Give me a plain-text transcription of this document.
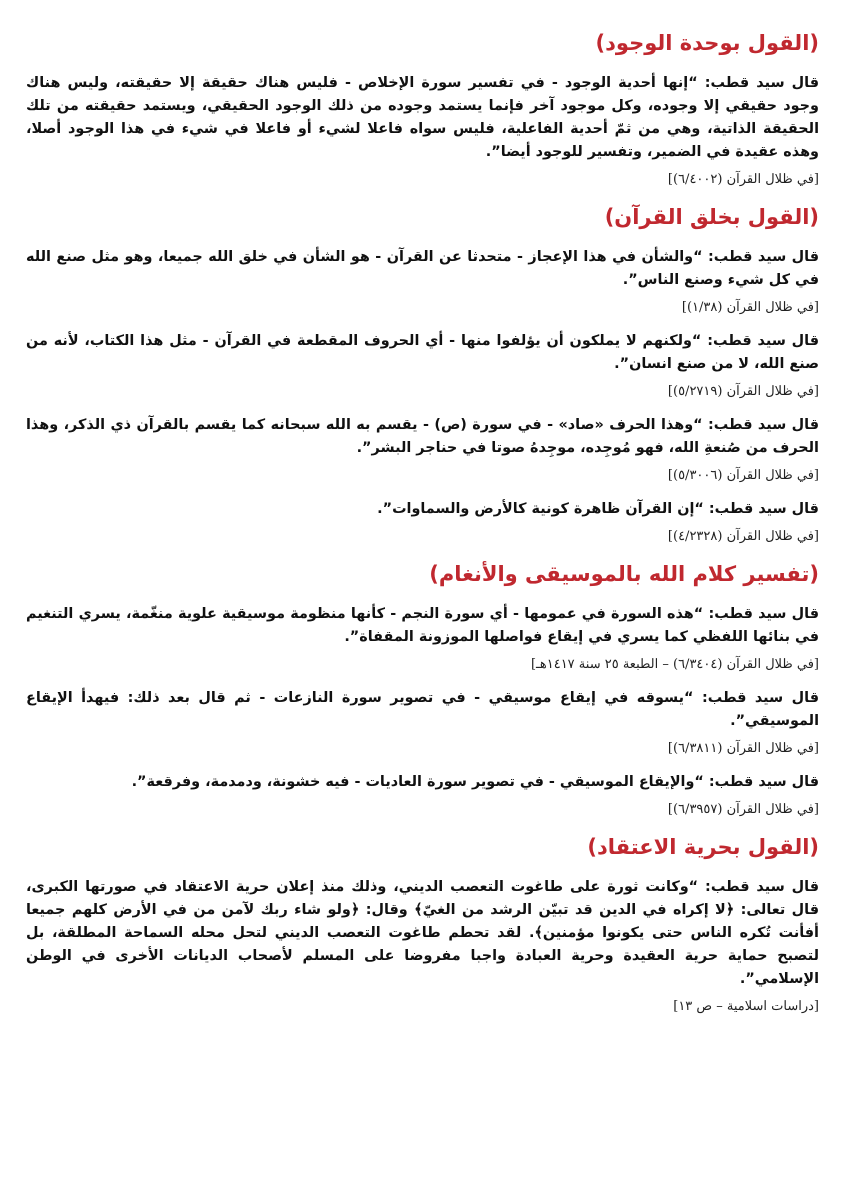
(القول بوحدة الوجود)

قال سيد قطب: “إنها أحدية الوجود - في تفسير سورة الإخلاص - فليس هناك حقيقة إلا حقيقته، وليس هناك وجود حقيقي إلا وجوده، وكل موجود آخر فإنما يستمد وجوده من ذلك الوجود الحقيقي، ويستمد حقيقته من تلك الحقيقة الذاتية، وهي من ثمّ أحدية الفاعلية، فليس سواه فاعلا لشيء أو فاعلا في شيء في هذا الوجود أصلا، وهذه عقيدة في الضمير، وتفسير للوجود أيضا”.

[في ظلال القرآن (٦/٤٠٠٢)]

(القول بخلق القرآن)

قال سيد قطب: “والشأن في هذا الإعجاز - متحدثا عن القرآن - هو الشأن في خلق الله جميعا، وهو مثل صنع الله في كل شيء وصنع الناس”.

[في ظلال القرآن (١/٣٨)]

قال سيد قطب: “ولكنهم لا يملكون أن يؤلفوا منها - أي الحروف المقطعة في القرآن - مثل هذا الكتاب، لأنه من صنع الله، لا من صنع انسان”.

[في ظلال القرآن (٥/٢٧١٩)]

قال سيد قطب: “وهذا الحرف «صاد» - في سورة (ص) - يقسم به الله سبحانه كما يقسم بالقرآن ذي الذكر، وهذا الحرف من صُنعةِ الله، فهو مُوجِده، موجِدهُ صوتا في حناجر البشر”.

[في ظلال القرآن (٥/٣٠٠٦)]

قال سيد قطب: “إن القرآن ظاهرة كونية كالأرض والسماوات”.

[في ظلال القرآن (٤/٢٣٢٨)]

(تفسير كلام الله بالموسيقى والأنغام)

قال سيد قطب: “هذه السورة في عمومها - أي سورة النجم - كأنها منظومة موسيقية علوية منغّمة، يسري التنغيم في بنائها اللفظي كما يسري في إيقاع فواصلها الموزونة المقفاة”.

[في ظلال القرآن (٦/٣٤٠٤) – الطبعة ٢٥ سنة ١٤١٧هـ]

قال سيد قطب: “يسوقه في إيقاع موسيقي - في تصوير سورة النازعات - ثم قال بعد ذلك: فيهدأ الإيقاع الموسيقي”.

[في ظلال القرآن (٦/٣٨١١)]

قال سيد قطب: “والإيقاع الموسيقي - في تصوير سورة العاديات - فيه خشونة، ودمدمة، وفرقعة”.

[في ظلال القرآن (٦/٣٩٥٧)]

(القول بحرية الاعتقاد)

قال سيد قطب: “وكانت ثورة على طاغوت التعصب الديني، وذلك منذ إعلان حرية الاعتقاد في صورتها الكبرى، قال تعالى: ﴿لا إكراه في الدين قد تبيّن الرشد من الغيّ﴾ وقال: ﴿ولو شاء ربك لآمن من في الأرض كلهم جميعا أفأنت تُكره الناس حتى يكونوا مؤمنين﴾. لقد تحطم طاغوت التعصب الديني لتحل محله السماحة المطلقة، بل لتصبح حماية حرية العقيدة وحرية العبادة واجبا مفروضا على المسلم لأصحاب الديانات الأخرى في الوطن الإسلامي”.

[دراسات اسلامية – ص ١٣]
